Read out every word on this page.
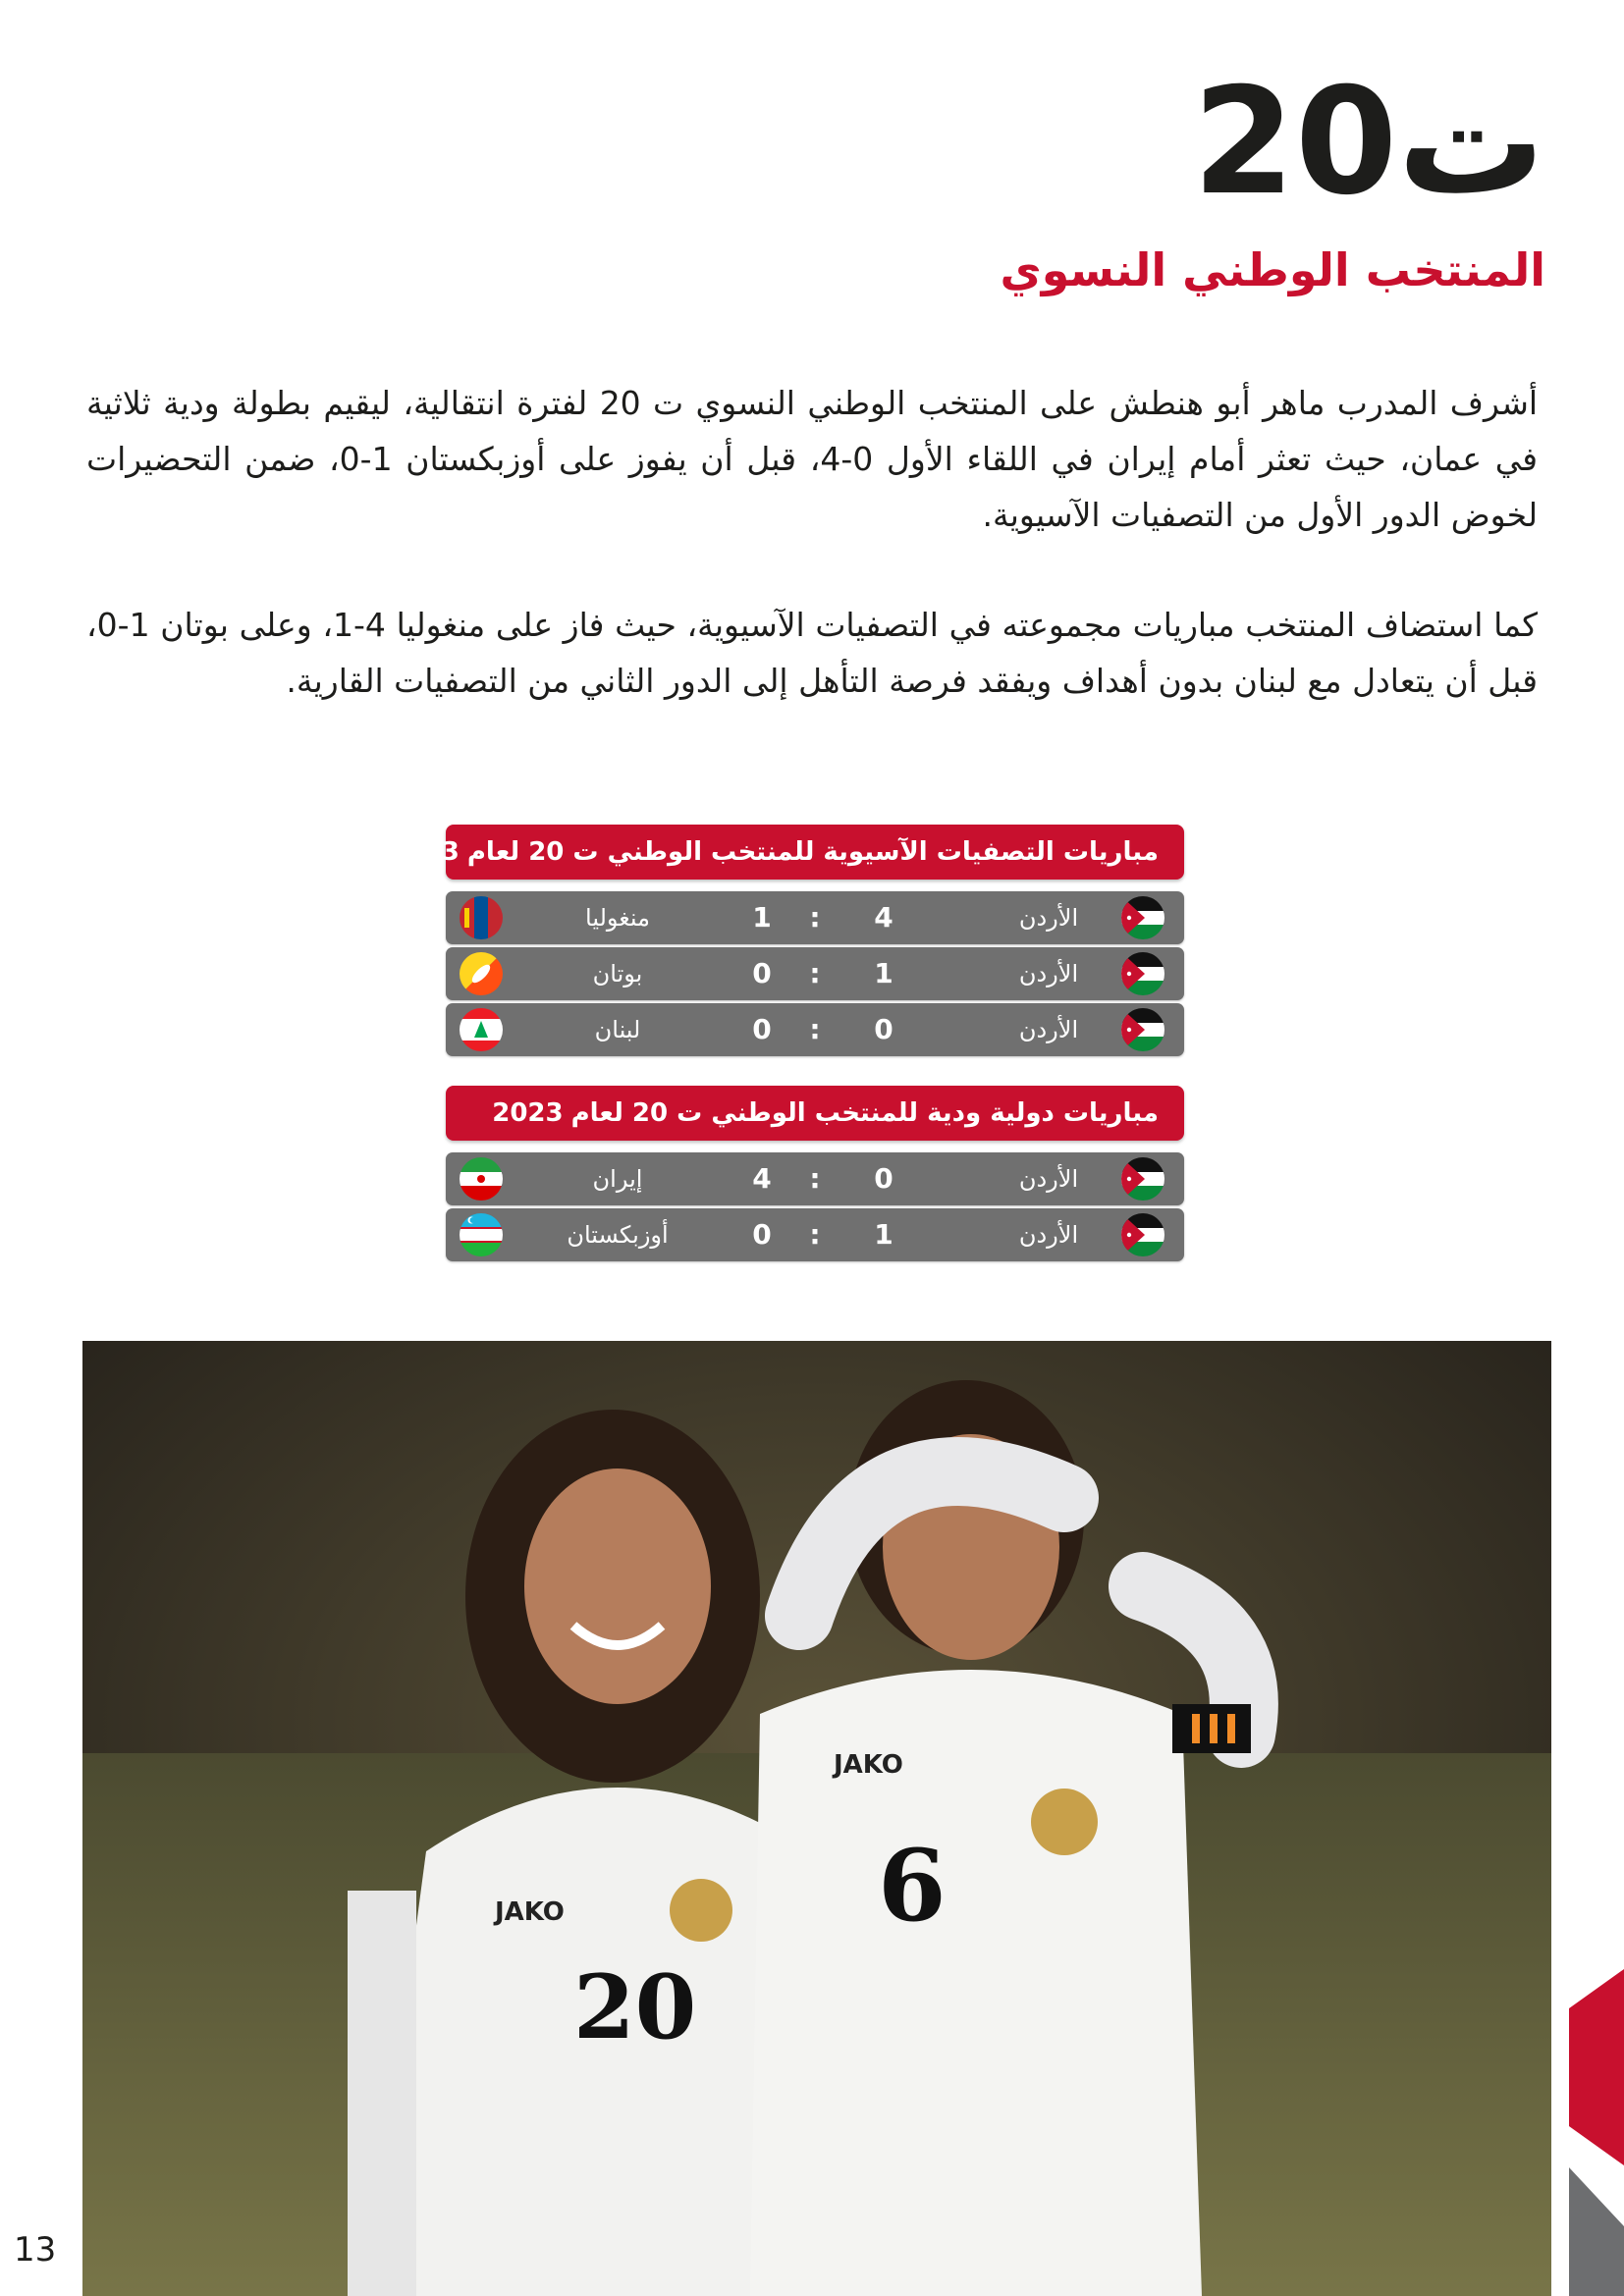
ت20
المنتخب الوطني النسوي

أشرف المدرب ماهر أبو هنطش على المنتخب الوطني النسوي ت 20 لفترة انتقالية، ليقيم بطولة ودية ثلاثية في عمان، حيث تعثر أمام إيران في اللقاء الأول 0-4، قبل أن يفوز على أوزبكستان 1-0، ضمن التحضيرات لخوض الدور الأول من التصفيات الآسيوية.

كما استضاف المنتخب مباريات مجموعته في التصفيات الآسيوية، حيث فاز على منغوليا 4-1، وعلى بوتان 1-0، قبل أن يتعادل مع لبنان بدون أهداف ويفقد فرصة التأهل إلى الدور الثاني من التصفيات القارية.

مباريات التصفيات الآسيوية للمنتخب الوطني ت 20 لعام
2023
الأردن
4
:
1
منغوليا
الأردن
1
:
0
بوتان
الأردن
0
:
0
لبنان
مباريات دولية ودية للمنتخب الوطني ت 20 لعام
2023
الأردن
0
:
4
إيران
الأردن
1
:
0
أوزبكستان
JAKO
20
JAKO
6
13
